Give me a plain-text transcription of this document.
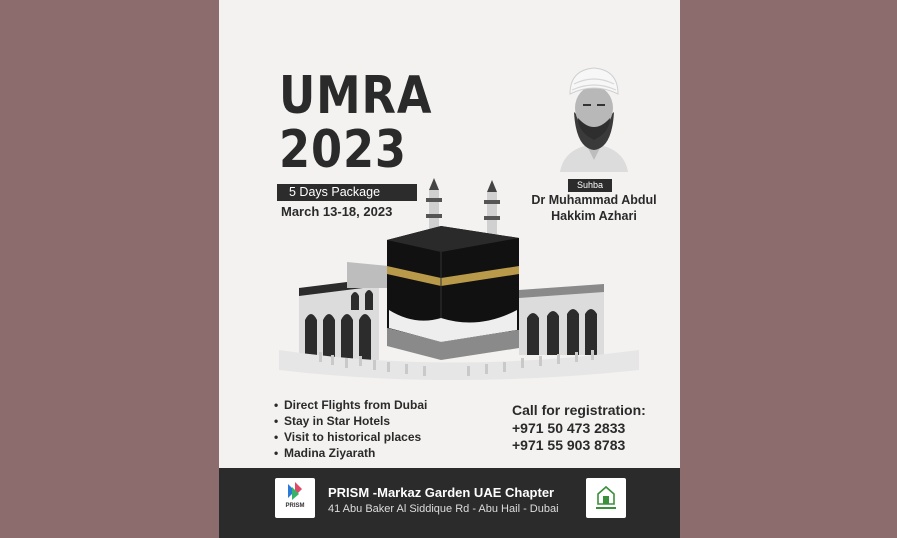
UMRA
2023
5 Days Package
March 13-18, 2023
Suhba
Dr Muhammad Abdul
Hakkim Azhari
• Direct Flights from Dubai
• Stay in Star Hotels
• Visit to historical places
• Madina Ziyarath
Call for registration:
+971 50 473 2833
+971 55 903 8783
PRISM
PRISM -Markaz Garden UAE Chapter
41 Abu Baker Al Siddique Rd - Abu Hail - Dubai
